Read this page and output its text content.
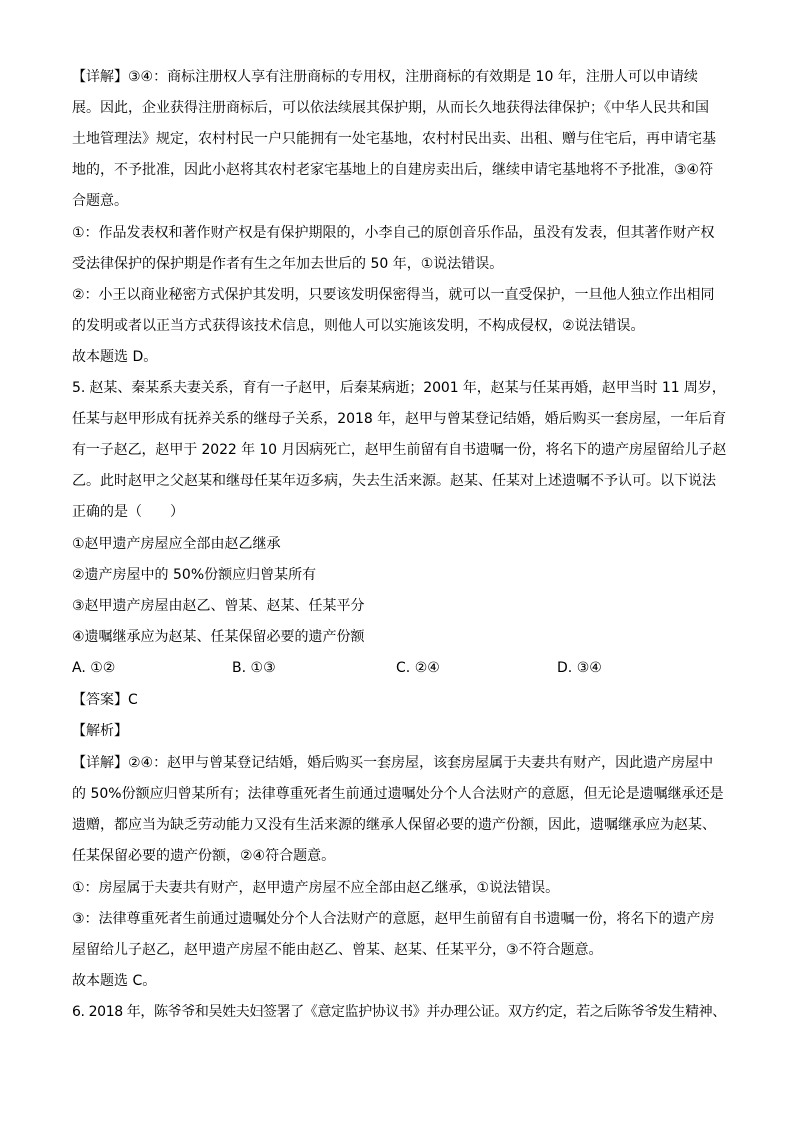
【详解】③④：商标注册权人享有注册商标的专用权，注册商标的有效期是 10 年，注册人可以申请续
展。因此，企业获得注册商标后，可以依法续展其保护期，从而长久地获得法律保护；《中华人民共和国
土地管理法》规定，农村村民一户只能拥有一处宅基地，农村村民出卖、出租、赠与住宅后，再申请宅基
地的，不予批准，因此小赵将其农村老家宅基地上的自建房卖出后，继续申请宅基地将不予批准，③④符
合题意。
①：作品发表权和著作财产权是有保护期限的，小李自己的原创音乐作品，虽没有发表，但其著作财产权
受法律保护的保护期是作者有生之年加去世后的 50 年，①说法错误。
②：小王以商业秘密方式保护其发明，只要该发明保密得当，就可以一直受保护，一旦他人独立作出相同
的发明或者以正当方式获得该技术信息，则他人可以实施该发明，不构成侵权，②说法错误。
故本题选 D。
5. 赵某、秦某系夫妻关系，育有一子赵甲，后秦某病逝；2001 年，赵某与任某再婚，赵甲当时 11 周岁，
任某与赵甲形成有抚养关系的继母子关系，2018 年，赵甲与曾某登记结婚，婚后购买一套房屋，一年后育
有一子赵乙，赵甲于 2022 年 10 月因病死亡，赵甲生前留有自书遗嘱一份，将名下的遗产房屋留给儿子赵
乙。此时赵甲之父赵某和继母任某年迈多病，失去生活来源。赵某、任某对上述遗嘱不予认可。以下说法
正确的是（　　）
①赵甲遗产房屋应全部由赵乙继承
②遗产房屋中的 50%份额应归曾某所有
③赵甲遗产房屋由赵乙、曾某、赵某、任某平分
④遗嘱继承应为赵某、任某保留必要的遗产份额
A. ①②	B. ①③	C. ②④	D. ③④
【答案】C
【解析】
【详解】②④：赵甲与曾某登记结婚，婚后购买一套房屋，该套房屋属于夫妻共有财产，因此遗产房屋中
的 50%份额应归曾某所有；法律尊重死者生前通过遗嘱处分个人合法财产的意愿，但无论是遗嘱继承还是
遗赠，都应当为缺乏劳动能力又没有生活来源的继承人保留必要的遗产份额，因此，遗嘱继承应为赵某、
任某保留必要的遗产份额，②④符合题意。
①：房屋属于夫妻共有财产，赵甲遗产房屋不应全部由赵乙继承，①说法错误。
③：法律尊重死者生前通过遗嘱处分个人合法财产的意愿，赵甲生前留有自书遗嘱一份，将名下的遗产房
屋留给儿子赵乙，赵甲遗产房屋不能由赵乙、曾某、赵某、任某平分，③不符合题意。
故本题选 C。
6. 2018 年，陈爷爷和吴姓夫妇签署了《意定监护协议书》并办理公证。双方约定，若之后陈爷爷发生精神、
